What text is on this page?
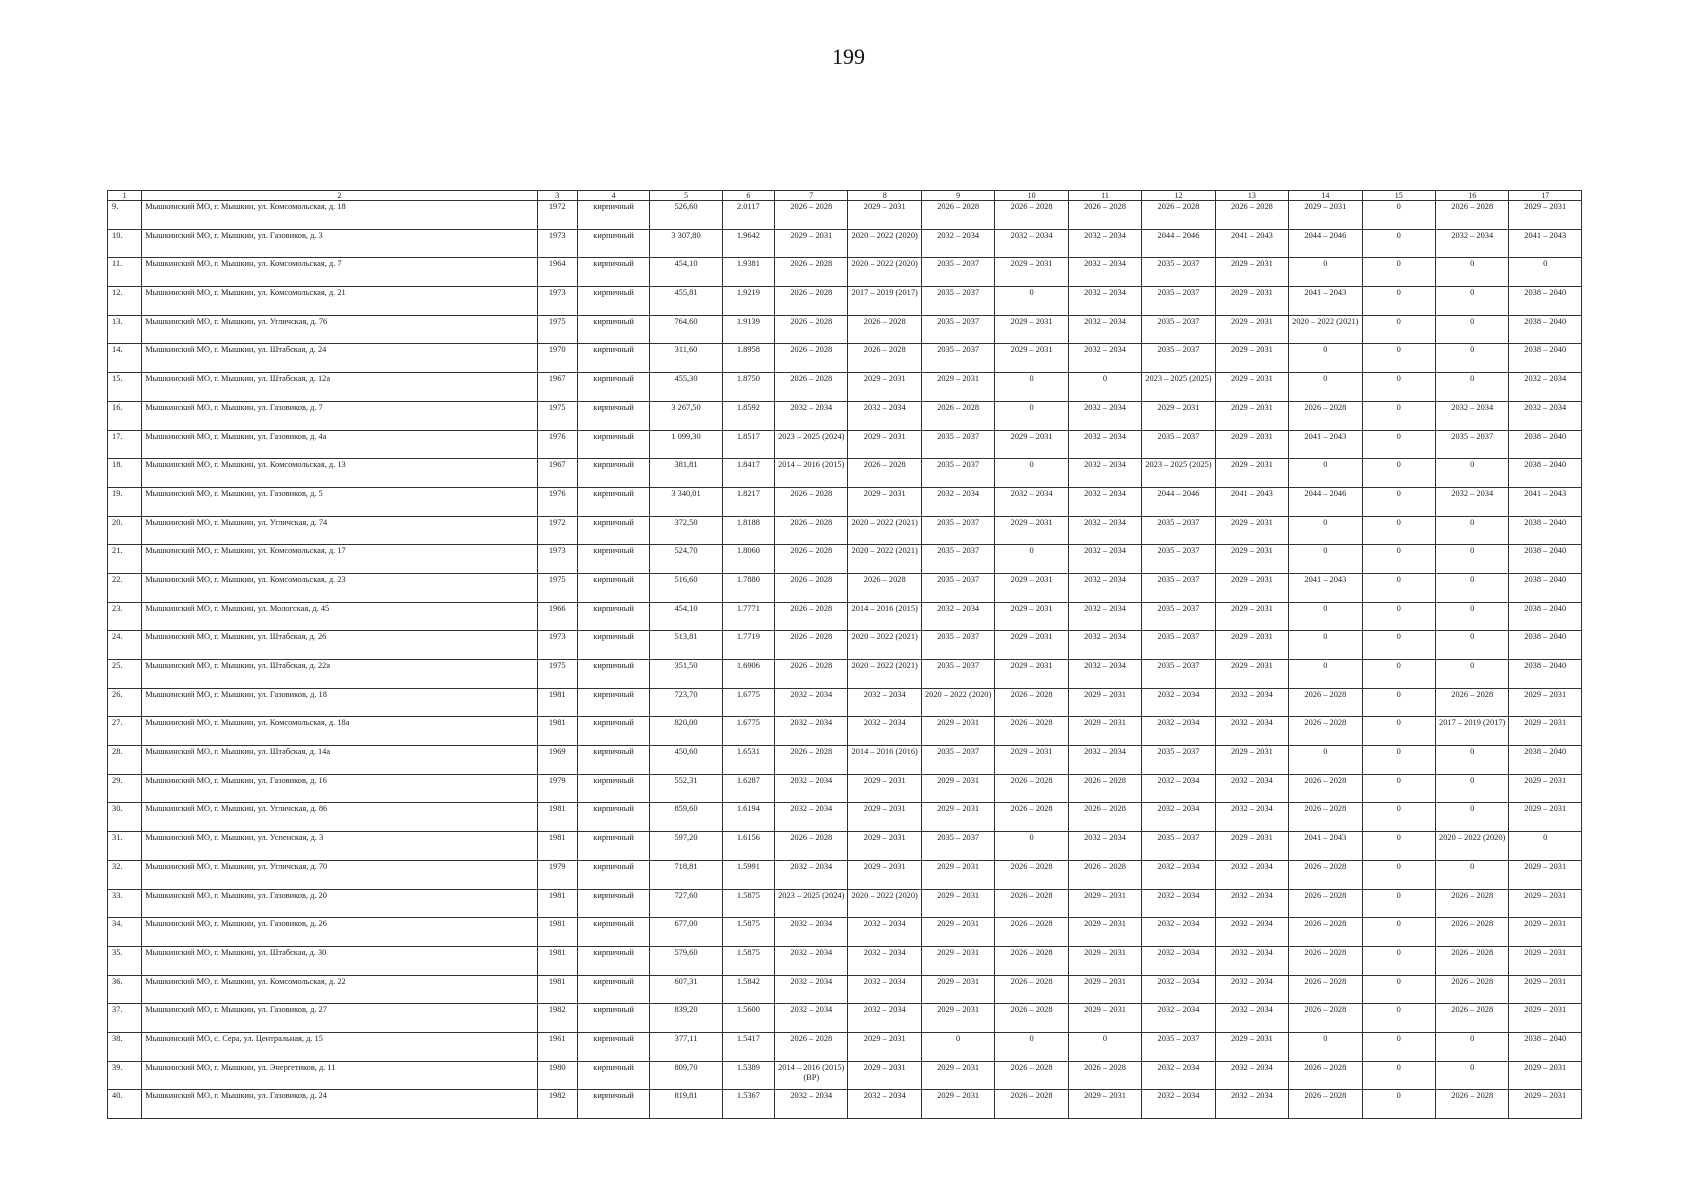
199
1	2	3	4	5	6	7	8	9	10	11	12	13	14	15	16	17
9.	Мышкинский МО, г. Мышкин, ул. Комсомольская, д. 18	1972	кирпичный	526,60	2.0117	2026 – 2028	2029 – 2031	2026 – 2028	2026 – 2028	2026 – 2028	2026 – 2028	2026 – 2028	2029 – 2031	0	2026 – 2028	2029 – 2031
10.	Мышкинский МО, г. Мышкин, ул. Газовиков, д. 3	1973	кирпичный	3 307,80	1.9642	2029 – 2031	2020 – 2022 (2020)	2032 – 2034	2032 – 2034	2032 – 2034	2044 – 2046	2041 – 2043	2044 – 2046	0	2032 – 2034	2041 – 2043
11.	Мышкинский МО, г. Мышкин, ул. Комсомольская, д. 7	1964	кирпичный	454,10	1.9381	2026 – 2028	2020 – 2022 (2020)	2035 – 2037	2029 – 2031	2032 – 2034	2035 – 2037	2029 – 2031	0	0	0	0
12.	Мышкинский МО, г. Мышкин, ул. Комсомольская, д. 21	1973	кирпичный	455,81	1.9219	2026 – 2028	2017 – 2019 (2017)	2035 – 2037	0	2032 – 2034	2035 – 2037	2029 – 2031	2041 – 2043	0	0	2038 – 2040
13.	Мышкинский МО, г. Мышкин, ул. Угличская, д. 76	1975	кирпичный	764,60	1.9139	2026 – 2028	2026 – 2028	2035 – 2037	2029 – 2031	2032 – 2034	2035 – 2037	2029 – 2031	2020 – 2022 (2021)	0	0	2038 – 2040
14.	Мышкинский МО, г. Мышкин, ул. Штабская, д. 24	1970	кирпичный	311,60	1.8958	2026 – 2028	2026 – 2028	2035 – 2037	2029 – 2031	2032 – 2034	2035 – 2037	2029 – 2031	0	0	0	2038 – 2040
15.	Мышкинский МО, г. Мышкин, ул. Штабская, д. 12а	1967	кирпичный	455,30	1.8750	2026 – 2028	2029 – 2031	2029 – 2031	0	0	2023 – 2025 (2025)	2029 – 2031	0	0	0	2032 – 2034
16.	Мышкинский МО, г. Мышкин, ул. Газовиков, д. 7	1975	кирпичный	3 267,50	1.8592	2032 – 2034	2032 – 2034	2026 – 2028	0	2032 – 2034	2029 – 2031	2029 – 2031	2026 – 2028	0	2032 – 2034	2032 – 2034
17.	Мышкинский МО, г. Мышкин, ул. Газовиков, д. 4а	1976	кирпичный	1 099,30	1.8517	2023 – 2025 (2024)	2029 – 2031	2035 – 2037	2029 – 2031	2032 – 2034	2035 – 2037	2029 – 2031	2041 – 2043	0	2035 – 2037	2038 – 2040
18.	Мышкинский МО, г. Мышкин, ул. Комсомольская, д. 13	1967	кирпичный	381,81	1.8417	2014 – 2016 (2015)	2026 – 2028	2035 – 2037	0	2032 – 2034	2023 – 2025 (2025)	2029 – 2031	0	0	0	2038 – 2040
19.	Мышкинский МО, г. Мышкин, ул. Газовиков, д. 5	1976	кирпичный	3 340,01	1.8217	2026 – 2028	2029 – 2031	2032 – 2034	2032 – 2034	2032 – 2034	2044 – 2046	2041 – 2043	2044 – 2046	0	2032 – 2034	2041 – 2043
20.	Мышкинский МО, г. Мышкин, ул. Угличская, д. 74	1972	кирпичный	372,50	1.8188	2026 – 2028	2020 – 2022 (2021)	2035 – 2037	2029 – 2031	2032 – 2034	2035 – 2037	2029 – 2031	0	0	0	2038 – 2040
21.	Мышкинский МО, г. Мышкин, ул. Комсомольская, д. 17	1973	кирпичный	524,70	1.8060	2026 – 2028	2020 – 2022 (2021)	2035 – 2037	0	2032 – 2034	2035 – 2037	2029 – 2031	0	0	0	2038 – 2040
22.	Мышкинский МО, г. Мышкин, ул. Комсомольская, д. 23	1975	кирпичный	516,60	1.7880	2026 – 2028	2026 – 2028	2035 – 2037	2029 – 2031	2032 – 2034	2035 – 2037	2029 – 2031	2041 – 2043	0	0	2038 – 2040
23.	Мышкинский МО, г. Мышкин, ул. Мологская, д. 45	1966	кирпичный	454,10	1.7771	2026 – 2028	2014 – 2016 (2015)	2032 – 2034	2029 – 2031	2032 – 2034	2035 – 2037	2029 – 2031	0	0	0	2038 – 2040
24.	Мышкинский МО, г. Мышкин, ул. Штабская, д. 26	1973	кирпичный	513,81	1.7719	2026 – 2028	2020 – 2022 (2021)	2035 – 2037	2029 – 2031	2032 – 2034	2035 – 2037	2029 – 2031	0	0	0	2038 – 2040
25.	Мышкинский МО, г. Мышкин, ул. Штабская, д. 22а	1975	кирпичный	351,50	1.6906	2026 – 2028	2020 – 2022 (2021)	2035 – 2037	2029 – 2031	2032 – 2034	2035 – 2037	2029 – 2031	0	0	0	2038 – 2040
26.	Мышкинский МО, г. Мышкин, ул. Газовиков, д. 18	1981	кирпичный	723,70	1.6775	2032 – 2034	2032 – 2034	2020 – 2022 (2020)	2026 – 2028	2029 – 2031	2032 – 2034	2032 – 2034	2026 – 2028	0	2026 – 2028	2029 – 2031
27.	Мышкинский МО, г. Мышкин, ул. Комсомольская, д. 18а	1981	кирпичный	820,00	1.6775	2032 – 2034	2032 – 2034	2029 – 2031	2026 – 2028	2029 – 2031	2032 – 2034	2032 – 2034	2026 – 2028	0	2017 – 2019 (2017)	2029 – 2031
28.	Мышкинский МО, г. Мышкин, ул. Штабская, д. 14а	1969	кирпичный	450,60	1.6531	2026 – 2028	2014 – 2016 (2016)	2035 – 2037	2029 – 2031	2032 – 2034	2035 – 2037	2029 – 2031	0	0	0	2038 – 2040
29.	Мышкинский МО, г. Мышкин, ул. Газовиков, д. 16	1979	кирпичный	552,31	1.6287	2032 – 2034	2029 – 2031	2029 – 2031	2026 – 2028	2026 – 2028	2032 – 2034	2032 – 2034	2026 – 2028	0	0	2029 – 2031
30.	Мышкинский МО, г. Мышкин, ул. Угличская, д. 86	1981	кирпичный	859,60	1.6194	2032 – 2034	2029 – 2031	2029 – 2031	2026 – 2028	2026 – 2028	2032 – 2034	2032 – 2034	2026 – 2028	0	0	2029 – 2031
31.	Мышкинский МО, г. Мышкин, ул. Успенская, д. 3	1981	кирпичный	597,20	1.6156	2026 – 2028	2029 – 2031	2035 – 2037	0	2032 – 2034	2035 – 2037	2029 – 2031	2041 – 2043	0	2020 – 2022 (2020)	0
32.	Мышкинский МО, г. Мышкин, ул. Угличская, д. 70	1979	кирпичный	718,81	1.5991	2032 – 2034	2029 – 2031	2029 – 2031	2026 – 2028	2026 – 2028	2032 – 2034	2032 – 2034	2026 – 2028	0	0	2029 – 2031
33.	Мышкинский МО, г. Мышкин, ул. Газовиков, д. 20	1981	кирпичный	727,60	1.5875	2023 – 2025 (2024)	2020 – 2022 (2020)	2029 – 2031	2026 – 2028	2029 – 2031	2032 – 2034	2032 – 2034	2026 – 2028	0	2026 – 2028	2029 – 2031
34.	Мышкинский МО, г. Мышкин, ул. Газовиков, д. 26	1981	кирпичный	677,00	1.5875	2032 – 2034	2032 – 2034	2029 – 2031	2026 – 2028	2029 – 2031	2032 – 2034	2032 – 2034	2026 – 2028	0	2026 – 2028	2029 – 2031
35.	Мышкинский МО, г. Мышкин, ул. Штабская, д. 30	1981	кирпичный	579,60	1.5875	2032 – 2034	2032 – 2034	2029 – 2031	2026 – 2028	2029 – 2031	2032 – 2034	2032 – 2034	2026 – 2028	0	2026 – 2028	2029 – 2031
36.	Мышкинский МО, г. Мышкин, ул. Комсомольская, д. 22	1981	кирпичный	607,31	1.5842	2032 – 2034	2032 – 2034	2029 – 2031	2026 – 2028	2029 – 2031	2032 – 2034	2032 – 2034	2026 – 2028	0	2026 – 2028	2029 – 2031
37.	Мышкинский МО, г. Мышкин, ул. Газовиков, д. 27	1982	кирпичный	839,20	1.5600	2032 – 2034	2032 – 2034	2029 – 2031	2026 – 2028	2029 – 2031	2032 – 2034	2032 – 2034	2026 – 2028	0	2026 – 2028	2029 – 2031
38.	Мышкинский МО, с. Сера, ул. Центральная, д. 15	1961	кирпичный	377,11	1.5417	2026 – 2028	2029 – 2031	0	0	0	2035 – 2037	2029 – 2031	0	0	0	2038 – 2040
39.	Мышкинский МО, г. Мышкин, ул. Энергетиков, д. 11	1980	кирпичный	809,70	1.5389	2014 – 2016 (2015) (ВР)	2029 – 2031	2029 – 2031	2026 – 2028	2026 – 2028	2032 – 2034	2032 – 2034	2026 – 2028	0	0	2029 – 2031
40.	Мышкинский МО, г. Мышкин, ул. Газовиков, д. 24	1982	кирпичный	819,81	1.5367	2032 – 2034	2032 – 2034	2029 – 2031	2026 – 2028	2029 – 2031	2032 – 2034	2032 – 2034	2026 – 2028	0	2026 – 2028	2029 – 2031
